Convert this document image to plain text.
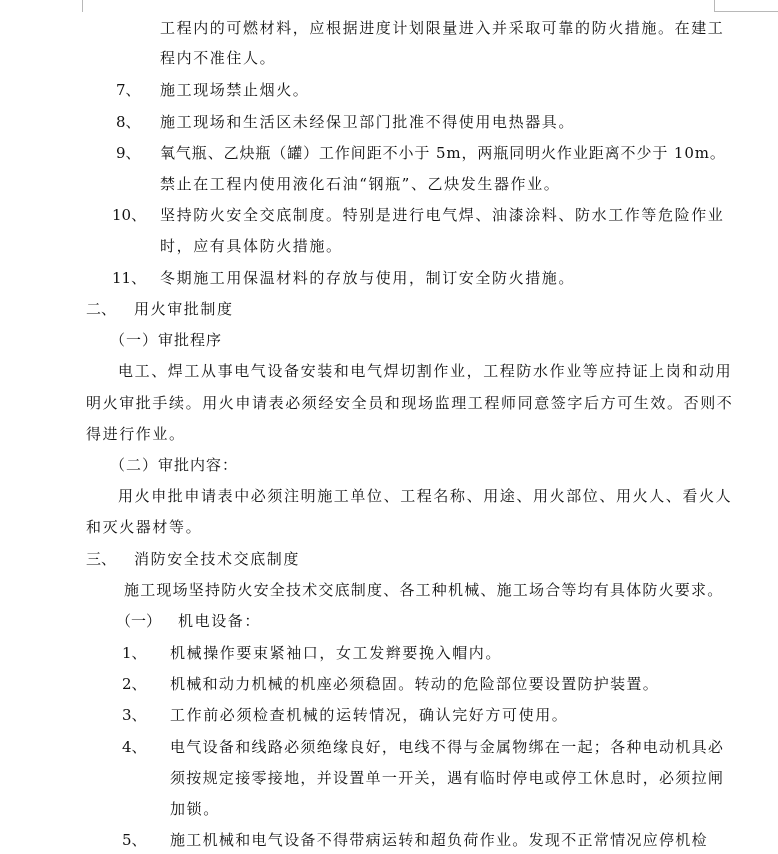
工程内的可燃材料，应根据进度计划限量进入并采取可靠的防火措施。在建工
程内不准住人。
7、 施工现场禁止烟火。
8、 施工现场和生活区未经保卫部门批准不得使用电热器具。
9、 氧气瓶、乙炔瓶（罐）工作间距不小于 5m，两瓶同明火作业距离不少于 10m。
禁止在工程内使用液化石油“钢瓶”、乙炔发生器作业。
10、 坚持防火安全交底制度。特别是进行电气焊、油漆涂料、防水工作等危险作业
时，应有具体防火措施。
11、 冬期施工用保温材料的存放与使用，制订安全防火措施。
二、 用火审批制度
（一）审批程序
电工、焊工从事电气设备安装和电气焊切割作业，工程防水作业等应持证上岗和动用
明火审批手续。用火申请表必须经安全员和现场监理工程师同意签字后方可生效。否则不
得进行作业。
（二）审批内容：
用火申批申请表中必须注明施工单位、工程名称、用途、用火部位、用火人、看火人
和灭火器材等。
三、 消防安全技术交底制度
施工现场坚持防火安全技术交底制度、各工种机械、施工场合等均有具体防火要求。
（一） 机电设备：
1、 机械操作要束紧袖口，女工发辫要挽入帽内。
2、 机械和动力机械的机座必须稳固。转动的危险部位要设置防护装置。
3、 工作前必须检查机械的运转情况，确认完好方可使用。
4、 电气设备和线路必须绝缘良好，电线不得与金属物绑在一起；各种电动机具必
须按规定接零接地，并设置单一开关，遇有临时停电或停工休息时，必须拉闸
加锁。
5、 施工机械和电气设备不得带病运转和超负荷作业。发现不正常情况应停机检
